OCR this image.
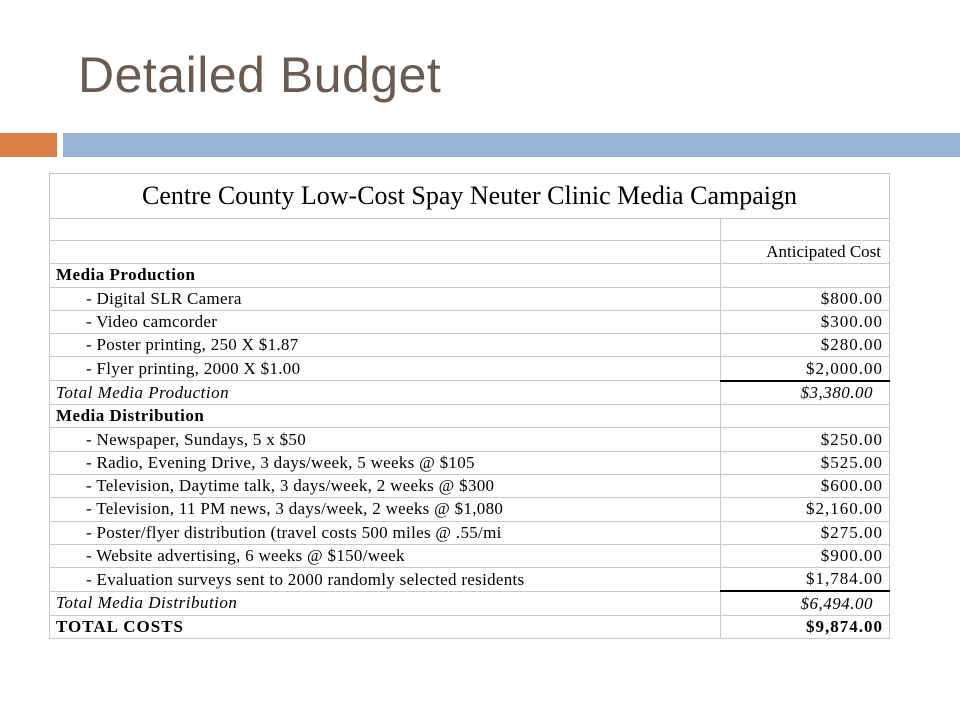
Detailed Budget
Centre County Low-Cost Spay Neuter Clinic Media Campaign	

	Anticipated Cost
Media Production	
- Digital SLR Camera	$800.00
- Video camcorder	$300.00
- Poster printing, 250 X $1.87	$280.00
- Flyer printing, 2000 X $1.00	$2,000.00
Total Media Production	$3,380.00
Media Distribution	
- Newspaper, Sundays, 5 x $50	$250.00
- Radio, Evening Drive, 3 days/week, 5 weeks @ $105	$525.00
- Television, Daytime talk, 3 days/week, 2 weeks @ $300	$600.00
- Television, 11 PM news, 3 days/week, 2 weeks @ $1,080	$2,160.00
- Poster/flyer distribution (travel costs 500 miles @ .55/mi	$275.00
- Website advertising, 6 weeks @ $150/week	$900.00
- Evaluation surveys sent to 2000 randomly selected residents	$1,784.00
Total Media Distribution	$6,494.00
TOTAL COSTS	$9,874.00
